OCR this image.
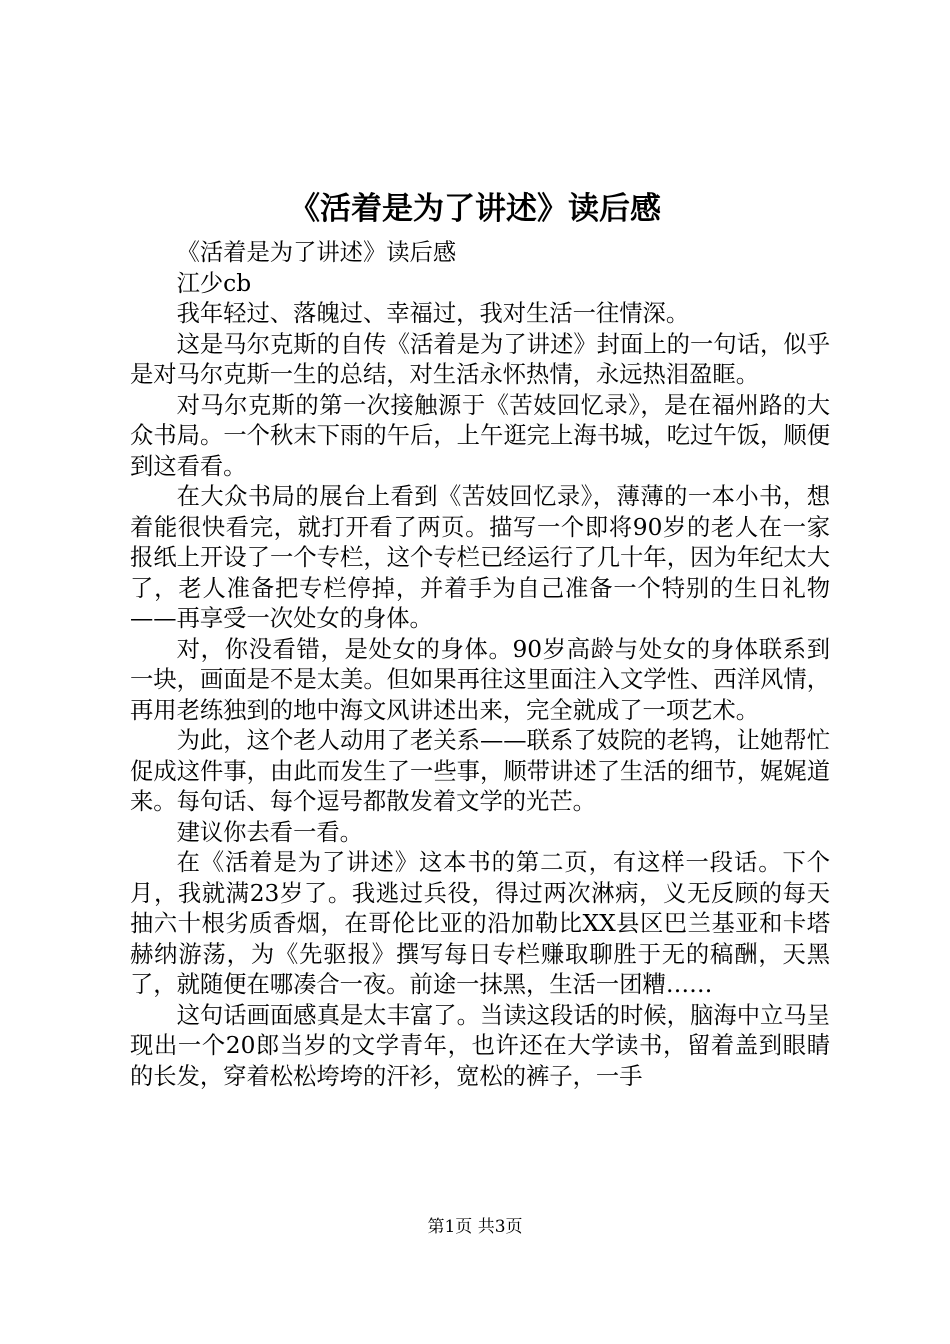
《活着是为了讲述》读后感

《活着是为了讲述》读后感

江少cb

我年轻过、落魄过、幸福过，我对生活一往情深。

这是马尔克斯的自传《活着是为了讲述》封面上的一句话，似乎是对马尔克斯一生的总结，对生活永怀热情，永远热泪盈眶。

对马尔克斯的第一次接触源于《苦妓回忆录》，是在福州路的大众书局。一个秋末下雨的午后，上午逛完上海书城，吃过午饭，顺便到这看看。

在大众书局的展台上看到《苦妓回忆录》，薄薄的一本小书，想着能很快看完，就打开看了两页。描写一个即将90岁的老人在一家报纸上开设了一个专栏，这个专栏已经运行了几十年，因为年纪太大了，老人准备把专栏停掉，并着手为自己准备一个特别的生日礼物——再享受一次处女的身体。

对，你没看错，是处女的身体。90岁高龄与处女的身体联系到一块，画面是不是太美。但如果再往这里面注入文学性、西洋风情，再用老练独到的地中海文风讲述出来，完全就成了一项艺术。

为此，这个老人动用了老关系——联系了妓院的老鸨，让她帮忙促成这件事，由此而发生了一些事，顺带讲述了生活的细节，娓娓道来。每句话、每个逗号都散发着文学的光芒。

建议你去看一看。

在《活着是为了讲述》这本书的第二页，有这样一段话。下个月，我就满23岁了。我逃过兵役，得过两次淋病，义无反顾的每天抽六十根劣质香烟，在哥伦比亚的沿加勒比XX县区巴兰基亚和卡塔赫纳游荡，为《先驱报》撰写每日专栏赚取聊胜于无的稿酬，天黑了，就随便在哪凑合一夜。前途一抹黑，生活一团糟……

这句话画面感真是太丰富了。当读这段话的时候，脑海中立马呈现出一个20郎当岁的文学青年，也许还在大学读书，留着盖到眼睛的长发，穿着松松垮垮的汗衫，宽松的裤子，一手

第1页 共3页
